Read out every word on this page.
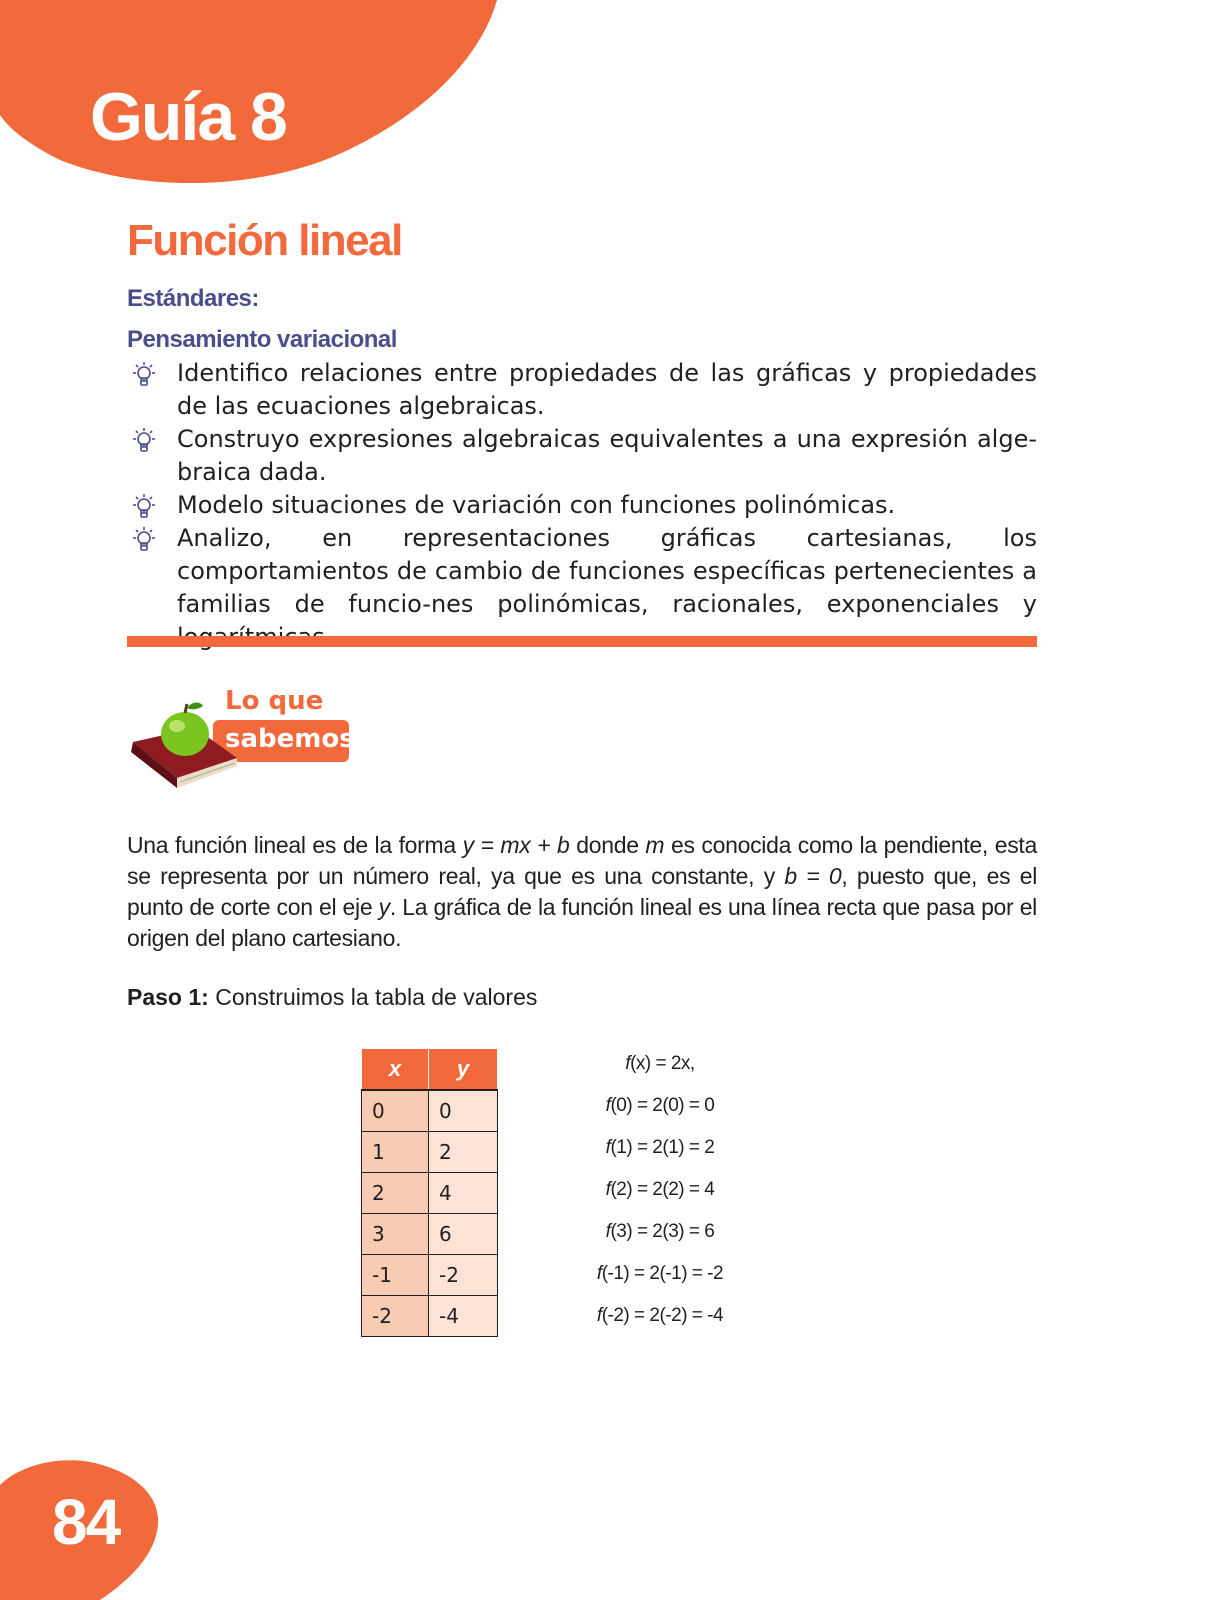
Guía 8
Función lineal
Estándares:
Pensamiento variacional
Identifico relaciones entre propiedades de las gráficas y propiedades de las ecuaciones algebraicas.
Construyo expresiones algebraicas equivalentes a una expresión alge-braica dada.
Modelo situaciones de variación con funciones polinómicas.
Analizo, en representaciones gráficas cartesianas, los comportamientos de cambio de funciones específicas pertenecientes a familias de funcio-nes polinómicas, racionales, exponenciales y
Lo que
sabemos
Una función lineal es de la forma y = mx + b donde m es conocida como la pendiente, esta se representa por un número real, ya que es una constante, y b = 0, puesto que, es el punto de corte con el eje y. La gráfica de la función lineal es una línea recta que pasa por el origen del plano cartesiano.
Paso 1: Construimos la tabla de valores
x	y
0	0
1	2
2	4
3	6
-1	-2
-2	-4
f(x) = 2x,
f(0) = 2(0) = 0
f(1) = 2(1) = 2
f(2) = 2(2) = 4
f(3) = 2(3) = 6
f(-1) = 2(-1) = -2
f(-2) = 2(-2) = -4
84
